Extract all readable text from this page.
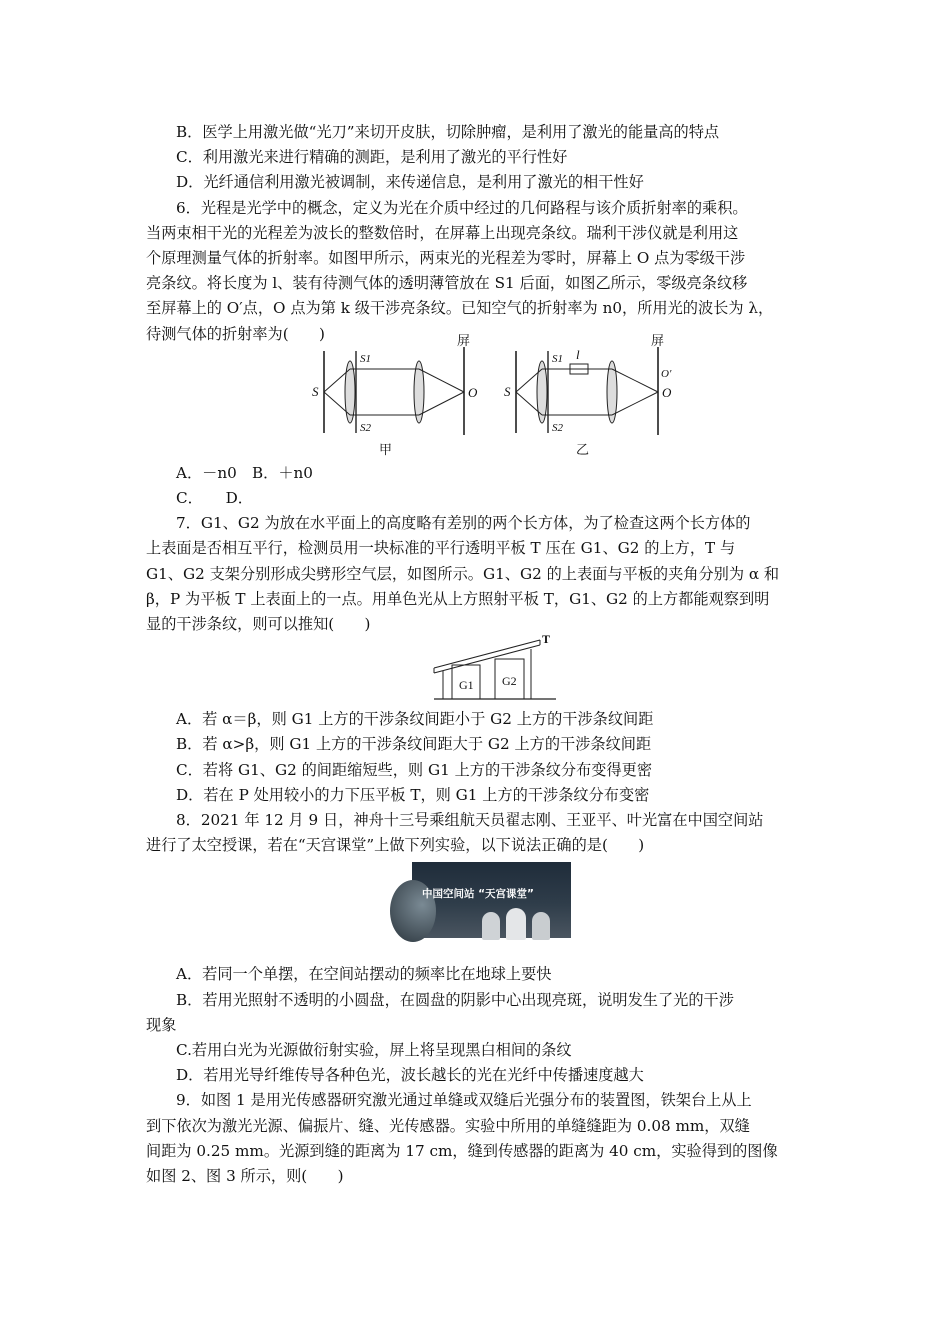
B．医学上用激光做“光刀”来切开皮肤，切除肿瘤，是利用了激光的能量高的特点

C．利用激光来进行精确的测距，是利用了激光的平行性好

D．光纤通信利用激光被调制，来传递信息，是利用了激光的相干性好

6．光程是光学中的概念，定义为光在介质中经过的几何路程与该介质折射率的乘积。

当两束相干光的光程差为波长的整数倍时，在屏幕上出现亮条纹。瑞利干涉仪就是利用这

个原理测量气体的折射率。如图甲所示，两束光的光程差为零时，屏幕上 O 点为零级干涉

亮条纹。将长度为 l、装有待测气体的透明薄管放在 S1 后面，如图乙所示，零级亮条纹移

至屏幕上的 O′点，O 点为第 k 级干涉亮条纹。已知空气的折射率为 n0，所用光的波长为 λ，

待测气体的折射率为(　　)

S
S1
S2
屏
O
甲
S
S1
S2
l
屏
O′
O
乙

A．－n0　B．＋n0

C．　　D．

7．G1、G2 为放在水平面上的高度略有差别的两个长方体，为了检查这两个长方体的

上表面是否相互平行，检测员用一块标准的平行透明平板 T 压在 G1、G2 的上方，T 与

G1、G2 支架分别形成尖劈形空气层，如图所示。G1、G2 的上表面与平板的夹角分别为 α 和

β，P 为平板 T 上表面上的一点。用单色光从上方照射平板 T，G1、G2 的上方都能观察到明

显的干涉条纹，则可以推知(　　)

G1 G2
T

A．若 α＝β，则 G1 上方的干涉条纹间距小于 G2 上方的干涉条纹间距

B．若 α>β，则 G1 上方的干涉条纹间距大于 G2 上方的干涉条纹间距

C．若将 G1、G2 的间距缩短些，则 G1 上方的干涉条纹分布变得更密

D．若在 P 处用较小的力下压平板 T，则 G1 上方的干涉条纹分布变密

8．2021 年 12 月 9 日，神舟十三号乘组航天员翟志刚、王亚平、叶光富在中国空间站

进行了太空授课，若在“天宫课堂”上做下列实验，以下说法正确的是(　　)

中国空间站 “天宫课堂”

A．若同一个单摆，在空间站摆动的频率比在地球上要快

B．若用光照射不透明的小圆盘，在圆盘的阴影中心出现亮斑，说明发生了光的干涉

现象

C.若用白光为光源做衍射实验，屏上将呈现黑白相间的条纹

D．若用光导纤维传导各种色光，波长越长的光在光纤中传播速度越大

9．如图 1 是用光传感器研究激光通过单缝或双缝后光强分布的装置图，铁架台上从上

到下依次为激光光源、偏振片、缝、光传感器。实验中所用的单缝缝距为 0.08 mm，双缝

间距为 0.25 mm。光源到缝的距离为 17 cm，缝到传感器的距离为 40 cm，实验得到的图像

如图 2、图 3 所示，则(　　)
